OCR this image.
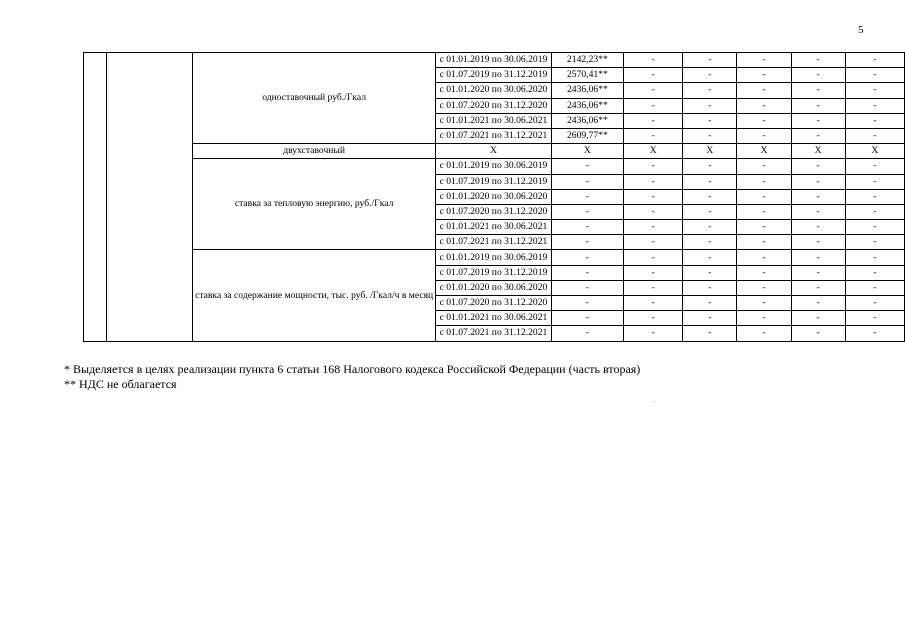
5
		одноставочный руб./Гкал	с 01.01.2019 по 30.06.2019	2142,23**	-	-	-	-	-
			с 01.07.2019 по 31.12.2019	2570,41**	-	-	-	-	-
			с 01.01.2020 по 30.06.2020	2436,06**	-	-	-	-	-
			с 01.07.2020 по 31.12.2020	2436,06**	-	-	-	-	-
			с 01.01.2021 по 30.06.2021	2436,06**	-	-	-	-	-
			с 01.07.2021 по 31.12.2021	2609,77**	-	-	-	-	-
		двухставочный	X	X	X	X	X	X	X
		ставка за тепловую энергию, руб./Гкал	с 01.01.2019 по 30.06.2019	-	-	-	-	-	-
			с 01.07.2019 по 31.12.2019	-	-	-	-	-	-
			с 01.01.2020 по 30.06.2020	-	-	-	-	-	-
			с 01.07.2020 по 31.12.2020	-	-	-	-	-	-
			с 01.01.2021 по 30.06.2021	-	-	-	-	-	-
			с 01.07.2021 по 31.12.2021	-	-	-	-	-	-
		ставка за содержание мощности, тыс. руб. /Гкал/ч в месяц	с 01.01.2019 по 30.06.2019	-	-	-	-	-	-
			с 01.07.2019 по 31.12.2019	-	-	-	-	-	-
			с 01.01.2020 по 30.06.2020	-	-	-	-	-	-
			с 01.07.2020 по 31.12.2020	-	-	-	-	-	-
			с 01.01.2021 по 30.06.2021	-	-	-	-	-	-
			с 01.07.2021 по 31.12.2021	-	-	-	-	-	-
* Выделяется в целях реализации пункта 6 статьи 168 Налогового кодекса Российской Федерации (часть вторая)
** НДС не облагается
